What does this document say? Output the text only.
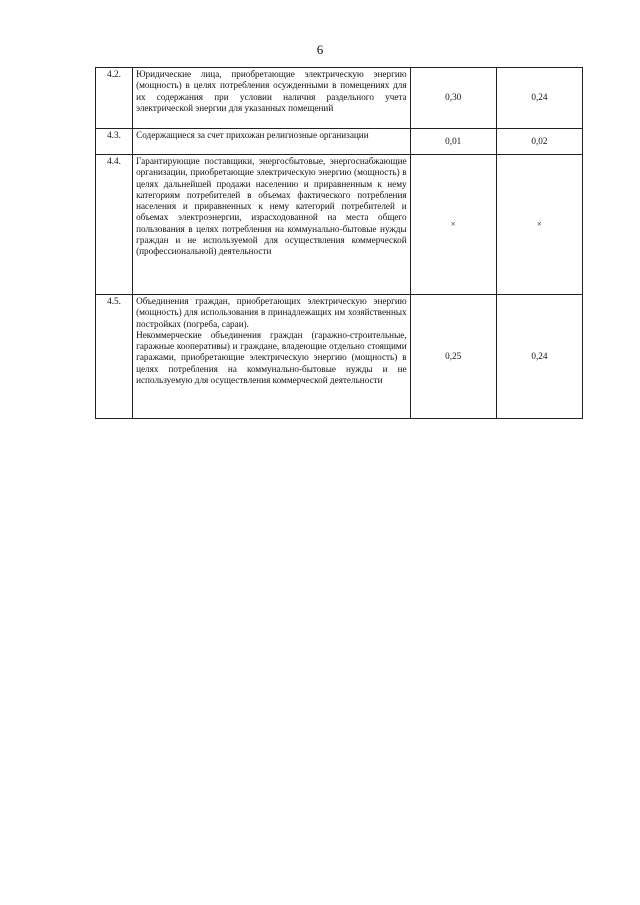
6
4.2.	Юридические лица, приобретающие электрическую энергию (мощность) в целях потребления осужденными в помещениях для их содержания при условии наличия раздельного учета электрической энергии для указанных помещений	0,30	0,24
4.3.	Содержащиеся за счет прихожан религиозные организации	0,01	0,02
4.4.	Гарантирующие поставщики, энергосбытовые, энергоснабжающие организации, приобретающие электрическую энергию (мощность) в целях дальнейшей продажи населению и приравненным к нему категориям потребителей в объемах фактического потребления населения и приравненных к нему категорий потребителей и объемах электроэнергии, израсходованной на места общего пользования в целях потребления на коммунально-бытовые нужды граждан и не используемой для осуществления коммерческой (профессиональной) деятельности	×	×
4.5.	Объединения граждан, приобретающих электрическую энергию (мощность) для использования в принадлежащих им хозяйственных постройках (погреба, сараи).
Некоммерческие объединения граждан (гаражно-строительные, гаражные кооперативы) и граждане, владеющие отдельно стоящими гаражами, приобретающие электрическую энергию (мощность) в целях потребления на коммунально-бытовые нужды и не используемую для осуществления коммерческой деятельности	0,25	0,24
